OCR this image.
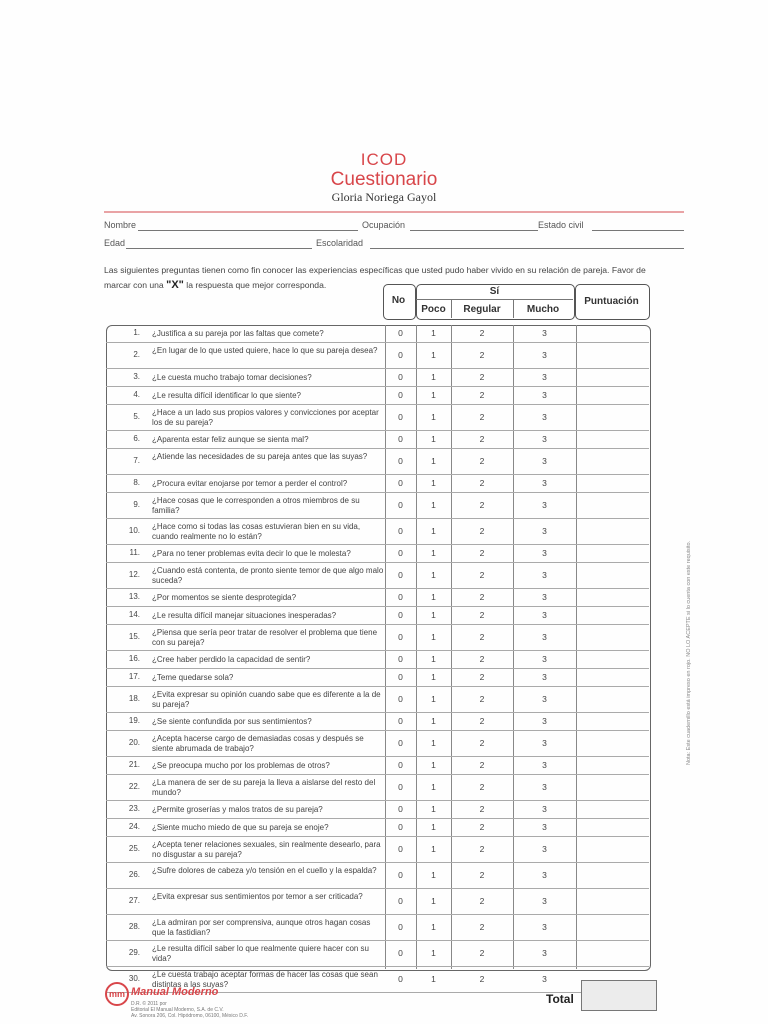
ICOD
Cuestionario
Gloria Noriega Gayol
Nombre	Ocupación	Estado civil
Edad	Escolaridad
Las siguientes preguntas tienen como fin conocer las experiencias específicas que usted pudo haber vivido en su relación de pareja. Favor de
marcar con una "X" la respuesta que mejor corresponda.
No
Sí
Poco	Regular	Mucho
Puntuación
1. ¿Justifica a su pareja por las faltas que comete?	0	1	2	3
2. ¿En lugar de lo que usted quiere, hace lo que su pareja desea?	0	1	2	3
3. ¿Le cuesta mucho trabajo tomar decisiones?	0	1	2	3
4. ¿Le resulta difícil identificar lo que siente?	0	1	2	3
5. ¿Hace a un lado sus propios valores y convicciones por aceptar los de su pareja?	0	1	2	3
6. ¿Aparenta estar feliz aunque se sienta mal?	0	1	2	3
7. ¿Atiende las necesidades de su pareja antes que las suyas?	0	1	2	3
8. ¿Procura evitar enojarse por temor a perder el control?	0	1	2	3
9. ¿Hace cosas que le corresponden a otros miembros de su familia?	0	1	2	3
10. ¿Hace como si todas las cosas estuvieran bien en su vida, cuando realmente no lo están?	0	1	2	3
11. ¿Para no tener problemas evita decir lo que le molesta?	0	1	2	3
12. ¿Cuando está contenta, de pronto siente temor de que algo malo suceda?	0	1	2	3
13. ¿Por momentos se siente desprotegida?	0	1	2	3
14. ¿Le resulta difícil manejar situaciones inesperadas?	0	1	2	3
15. ¿Piensa que sería peor tratar de resolver el problema que tiene con su pareja?	0	1	2	3
16. ¿Cree haber perdido la capacidad de sentir?	0	1	2	3
17. ¿Teme quedarse sola?	0	1	2	3
18. ¿Evita expresar su opinión cuando sabe que es diferente a la de su pareja?	0	1	2	3
19. ¿Se siente confundida por sus sentimientos?	0	1	2	3
20. ¿Acepta hacerse cargo de demasiadas cosas y después se siente abrumada de trabajo?	0	1	2	3
21. ¿Se preocupa mucho por los problemas de otros?	0	1	2	3
22. ¿La manera de ser de su pareja la lleva a aislarse del resto del mundo?	0	1	2	3
23. ¿Permite groserías y malos tratos de su pareja?	0	1	2	3
24. ¿Siente mucho miedo de que su pareja se enoje?	0	1	2	3
25. ¿Acepta tener relaciones sexuales, sin realmente desearlo, para no disgustar a su pareja?	0	1	2	3
26. ¿Sufre dolores de cabeza y/o tensión en el cuello y la espalda?	0	1	2	3
27. ¿Evita expresar sus sentimientos por temor a ser criticada?	0	1	2	3
28. ¿La admiran por ser comprensiva, aunque otros hagan cosas que la fastidian?	0	1	2	3
29. ¿Le resulta difícil saber lo que realmente quiere hacer con su vida?	0	1	2	3
30. ¿Le cuesta trabajo aceptar formas de hacer las cosas que sean distintas a las suyas?	0	1	2	3
Nota: Este cuadernillo está impreso en rojo. NO LO ACEPTE si lo cuenta con este requisito.
mm Manual Moderno
D.R. © 2011 por
Editorial El Manual Moderno, S.A. de C.V.
Av. Sonora 206, Col. Hipódromo, 06100, México D.F.
Total
